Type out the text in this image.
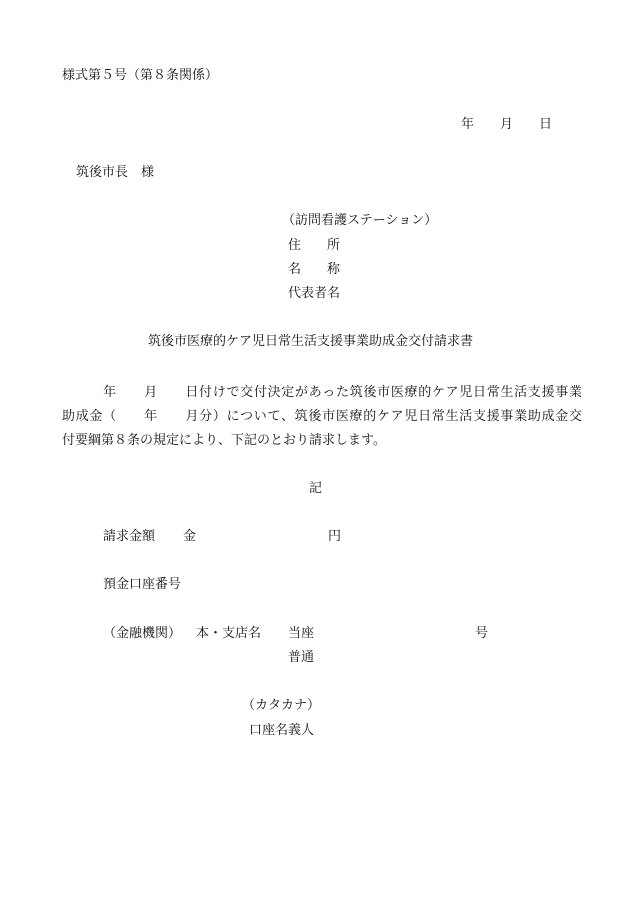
様式第５号（第８条関係）

年　　月　　日

筑後市長　様

（訪問看護ステーション）

住　　所

名　　称

代表者名

筑後市医療的ケア児日常生活支援事業助成金交付請求書

　　　年　　月　　日付けで交付決定があった筑後市医療的ケア児日常生活支援事業
助成金（　　年　　月分）について、筑後市医療的ケア児日常生活支援事業助成金交
付要綱第８条の規定により、下記のとおり請求します。

記

請求金額 金	円

預金口座番号

（金融機関） 本・支店名 当座	号

普通

（カタカナ）

口座名義人
